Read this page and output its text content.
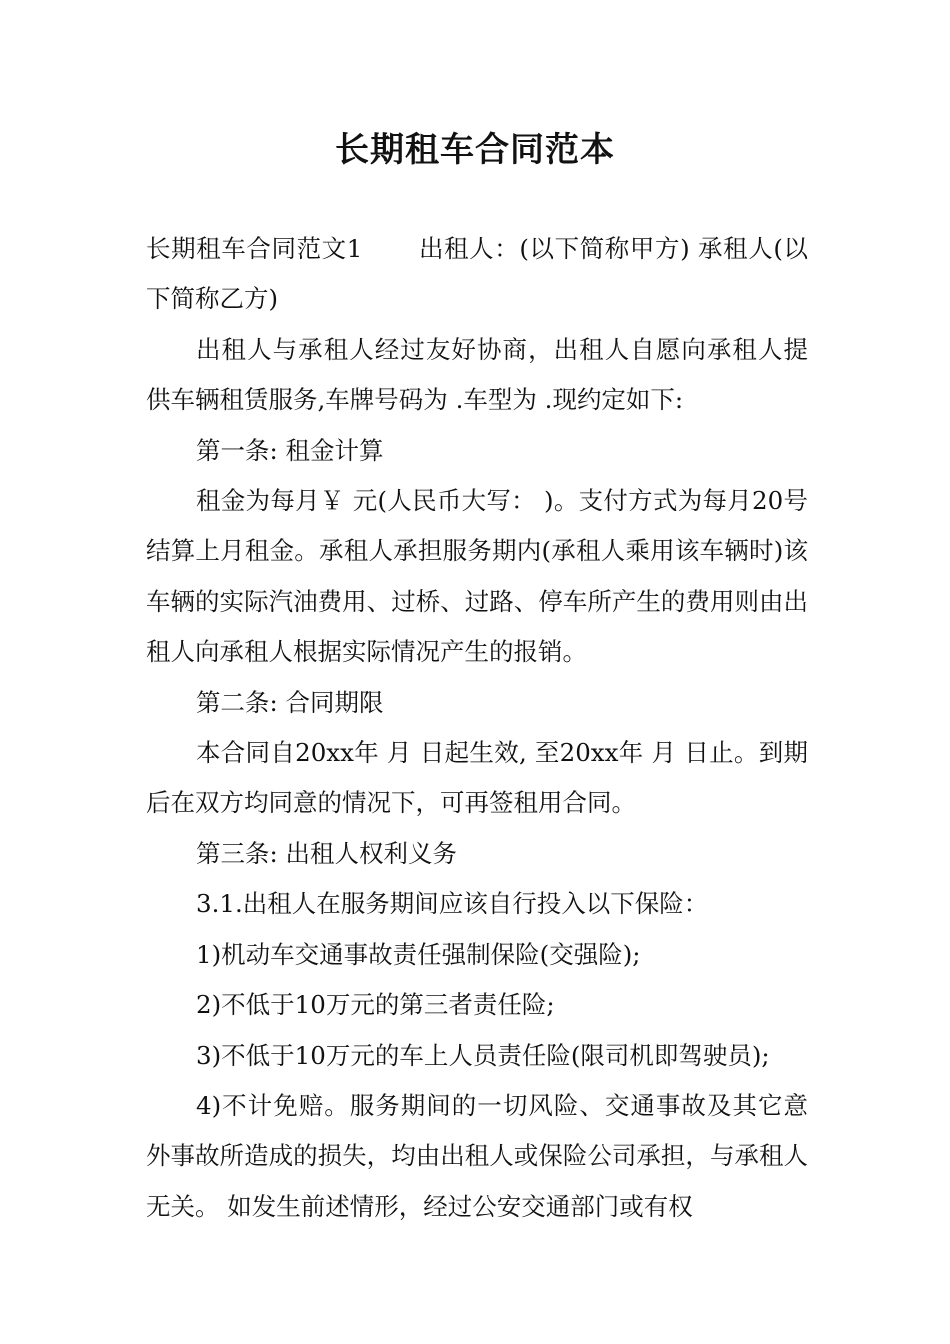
长期租车合同范本

长期租车合同范文1 出租人：(以下简称甲方) 承租人(以下简称乙方)

出租人与承租人经过友好协商，出租人自愿向承租人提供车辆租赁服务,车牌号码为 .车型为 .现约定如下:

第一条: 租金计算

租金为每月￥ 元(人民币大写： )。支付方式为每月20号结算上月租金。承租人承担服务期内(承租人乘用该车辆时)该车辆的实际汽油费用、过桥、过路、停车所产生的费用则由出租人向承租人根据实际情况产生的报销。

第二条: 合同期限

本合同自20xx年 月 日起生效, 至20xx年 月 日止。到期后在双方均同意的情况下，可再签租用合同。

第三条: 出租人权利义务

3.1.出租人在服务期间应该自行投入以下保险：

1)机动车交通事故责任强制保险(交强险);

2)不低于10万元的第三者责任险;

3)不低于10万元的车上人员责任险(限司机即驾驶员);

4)不计免赔。服务期间的一切风险、交通事故及其它意外事故所造成的损失，均由出租人或保险公司承担，与承租人无关。 如发生前述情形，经过公安交通部门或有权
